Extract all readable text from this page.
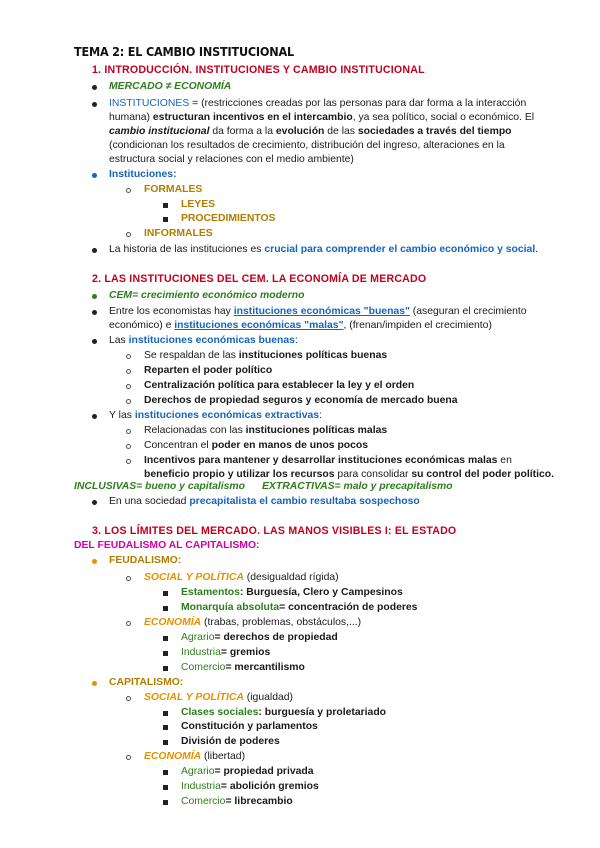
TEMA 2: EL CAMBIO INSTITUCIONAL
1. INTRODUCCIÓN. INSTITUCIONES Y CAMBIO INSTITUCIONAL
MERCADO ≠ ECONOMÍA
INSTITUCIONES = (restricciones creadas por las personas para dar forma a la interacción
humana) estructuran incentivos en el intercambio, ya sea político, social o económico. El
cambio institucional da forma a la evolución de las sociedades a través del tiempo
(condicionan los resultados de crecimiento, distribución del ingreso, alteraciones en la
estructura social y relaciones con el medio ambiente)
Instituciones:
FORMALES
LEYES
PROCEDIMIENTOS
INFORMALES
La historia de las instituciones es crucial para comprender el cambio económico y social.
2. LAS INSTITUCIONES DEL CEM. LA ECONOMÍA DE MERCADO
CEM= crecimiento económico moderno
Entre los economistas hay instituciones económicas "buenas" (aseguran el crecimiento
económico) e instituciones económicas "malas", (frenan/impiden el crecimiento)
Las instituciones económicas buenas:
Se respaldan de las instituciones políticas buenas
Reparten el poder político
Centralización política para establecer la ley y el orden
Derechos de propiedad seguros y economía de mercado buena
Y las instituciones económicas extractivas:
Relacionadas con las instituciones políticas malas
Concentran el poder en manos de unos pocos
Incentivos para mantener y desarrollar instituciones económicas malas en
beneficio propio y utilizar los recursos para consolidar su control del poder político.
INCLUSIVAS= bueno y capitalismo EXTRACTIVAS= malo y precapitalismo
En una sociedad precapitalista el cambio resultaba sospechoso
3. LOS LÍMITES DEL MERCADO. LAS MANOS VISIBLES I: EL ESTADO
DEL FEUDALISMO AL CAPITALISMO:
FEUDALISMO:
SOCIAL Y POLÍTICA (desigualdad rígida)
Estamentos: Burguesía, Clero y Campesinos
Monarquía absoluta= concentración de poderes
ECONOMÍA (trabas, problemas, obstáculos,...)
Agrario= derechos de propiedad
Industria= gremios
Comercio= mercantilismo
CAPITALISMO:
SOCIAL Y POLÍTICA (igualdad)
Clases sociales: burguesía y proletariado
Constitución y parlamentos
División de poderes
ECONOMÍA (libertad)
Agrario= propiedad privada
Industria= abolición gremios
Comercio= librecambio
